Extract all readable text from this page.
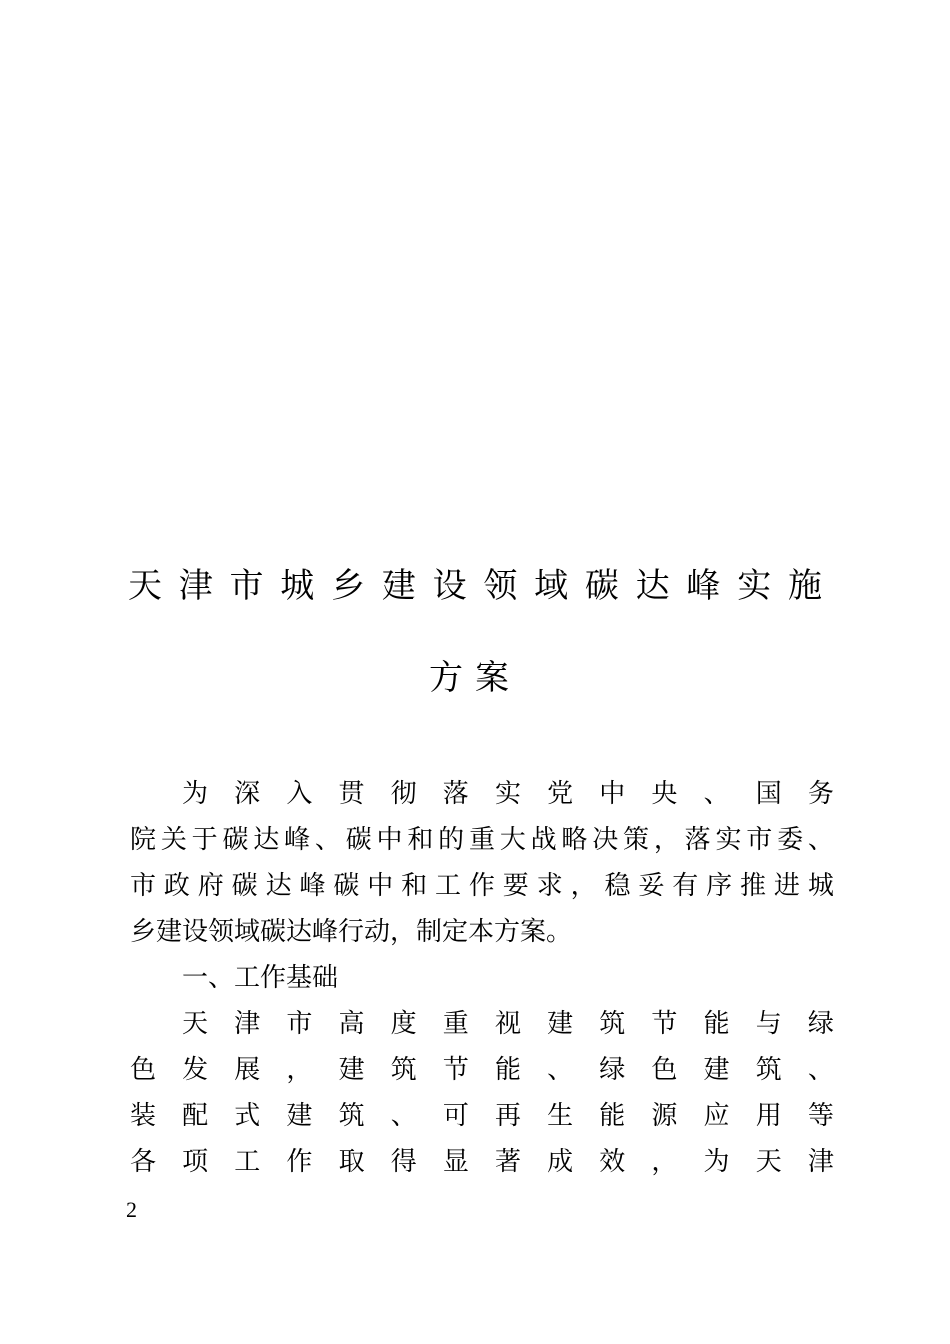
天 津 市 城 乡 建 设 领 域 碳 达 峰 实 施
方案
为 深 入 贯 彻 落 实 党 中 央 、 国 务
院 关 于 碳 达 峰 、 碳 中 和 的 重 大 战 略 决 策 ， 落 实 市 委 、
市 政 府 碳 达 峰 碳 中 和 工 作 要 求 ， 稳 妥 有 序 推 进 城
乡建设领域碳达峰行动，制定本方案。
一、工作基础
天 津 市 高 度 重 视 建 筑 节 能 与 绿
色 发 展 ， 建 筑 节 能 、 绿 色 建 筑 、
装 配 式 建 筑 、 可 再 生 能 源 应 用 等
各 项 工 作 取 得 显 著 成 效 ， 为 天 津
2
